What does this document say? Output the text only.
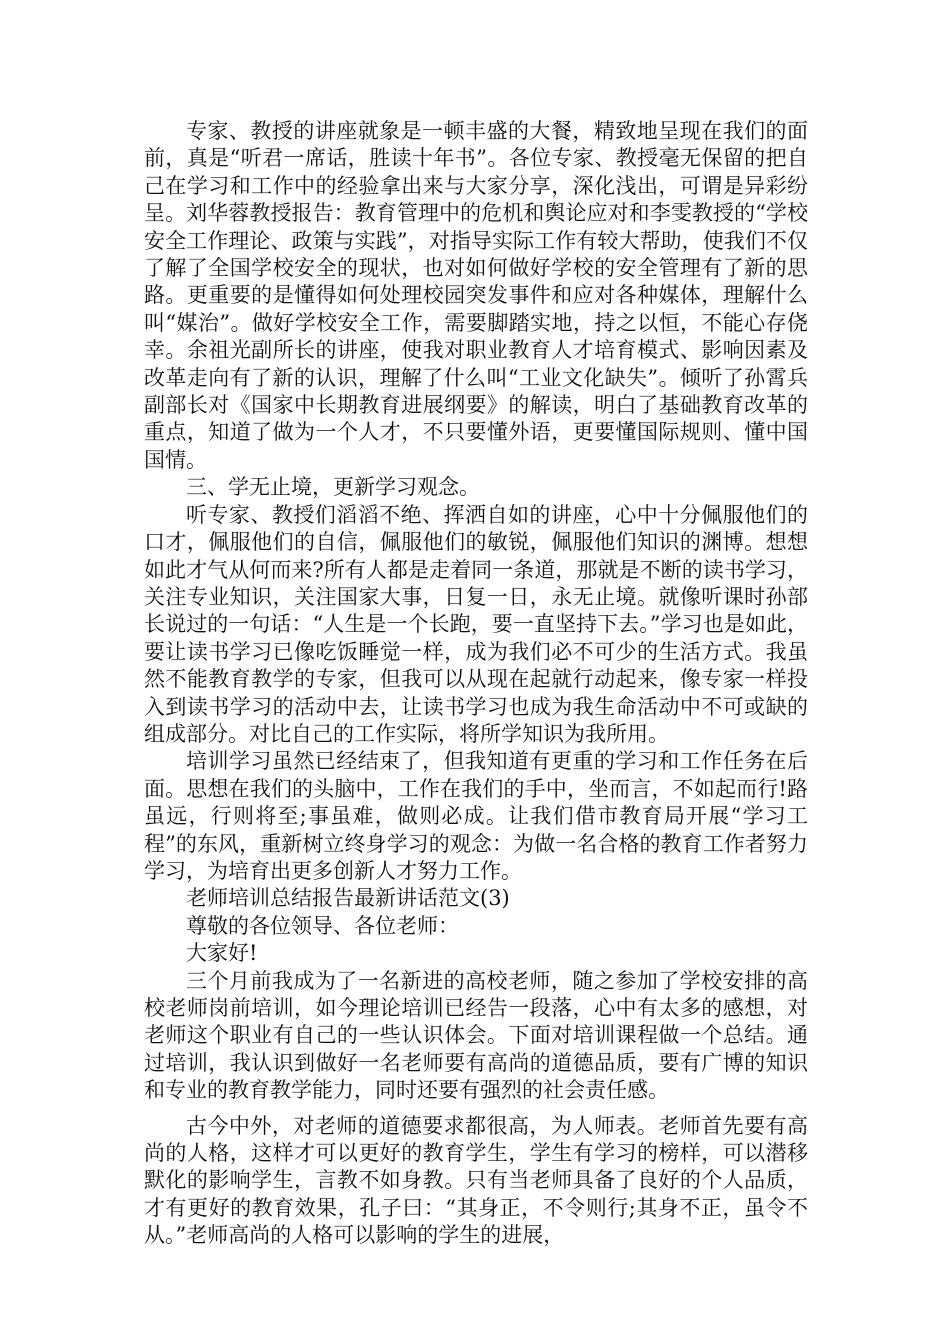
专家、教授的讲座就象是一顿丰盛的大餐，精致地呈现在我们的面前，真是“听君一席话，胜读十年书”。各位专家、教授毫无保留的把自己在学习和工作中的经验拿出来与大家分享，深化浅出，可谓是异彩纷呈。刘华蓉教授报告：教育管理中的危机和舆论应对和李雯教授的“学校安全工作理论、政策与实践”，对指导实际工作有较大帮助，使我们不仅了解了全国学校安全的现状，也对如何做好学校的安全管理有了新的思路。更重要的是懂得如何处理校园突发事件和应对各种媒体，理解什么叫“媒治”。做好学校安全工作，需要脚踏实地，持之以恒，不能心存侥幸。余祖光副所长的讲座，使我对职业教育人才培育模式、影响因素及改革走向有了新的认识，理解了什么叫“工业文化缺失”。倾听了孙霄兵副部长对《国家中长期教育进展纲要》的解读，明白了基础教育改革的重点，知道了做为一个人才，不只要懂外语，更要懂国际规则、懂中国国情。

三、学无止境，更新学习观念。

听专家、教授们滔滔不绝、挥洒自如的讲座，心中十分佩服他们的口才，佩服他们的自信，佩服他们的敏锐，佩服他们知识的渊博。想想如此才气从何而来?所有人都是走着同一条道，那就是不断的读书学习，关注专业知识，关注国家大事，日复一日，永无止境。就像听课时孙部长说过的一句话：“人生是一个长跑，要一直坚持下去。”学习也是如此，要让读书学习已像吃饭睡觉一样，成为我们必不可少的生活方式。我虽然不能教育教学的专家，但我可以从现在起就行动起来，像专家一样投入到读书学习的活动中去，让读书学习也成为我生命活动中不可或缺的组成部分。对比自己的工作实际，将所学知识为我所用。

培训学习虽然已经结束了，但我知道有更重的学习和工作任务在后面。思想在我们的头脑中，工作在我们的手中，坐而言，不如起而行!路虽远，行则将至;事虽难，做则必成。让我们借市教育局开展“学习工程”的东风，重新树立终身学习的观念：为做一名合格的教育工作者努力学习，为培育出更多创新人才努力工作。

老师培训总结报告最新讲话范文(3)

尊敬的各位领导、各位老师：

大家好!

三个月前我成为了一名新进的高校老师，随之参加了学校安排的高校老师岗前培训，如今理论培训已经告一段落，心中有太多的感想，对老师这个职业有自己的一些认识体会。下面对培训课程做一个总结。通过培训，我认识到做好一名老师要有高尚的道德品质，要有广博的知识和专业的教育教学能力，同时还要有强烈的社会责任感。

古今中外，对老师的道德要求都很高，为人师表。老师首先要有高尚的人格，这样才可以更好的教育学生，学生有学习的榜样，可以潜移默化的影响学生，言教不如身教。只有当老师具备了良好的个人品质，才有更好的教育效果，孔子曰：“其身正，不令则行;其身不正，虽令不从。”老师高尚的人格可以影响的学生的进展，
